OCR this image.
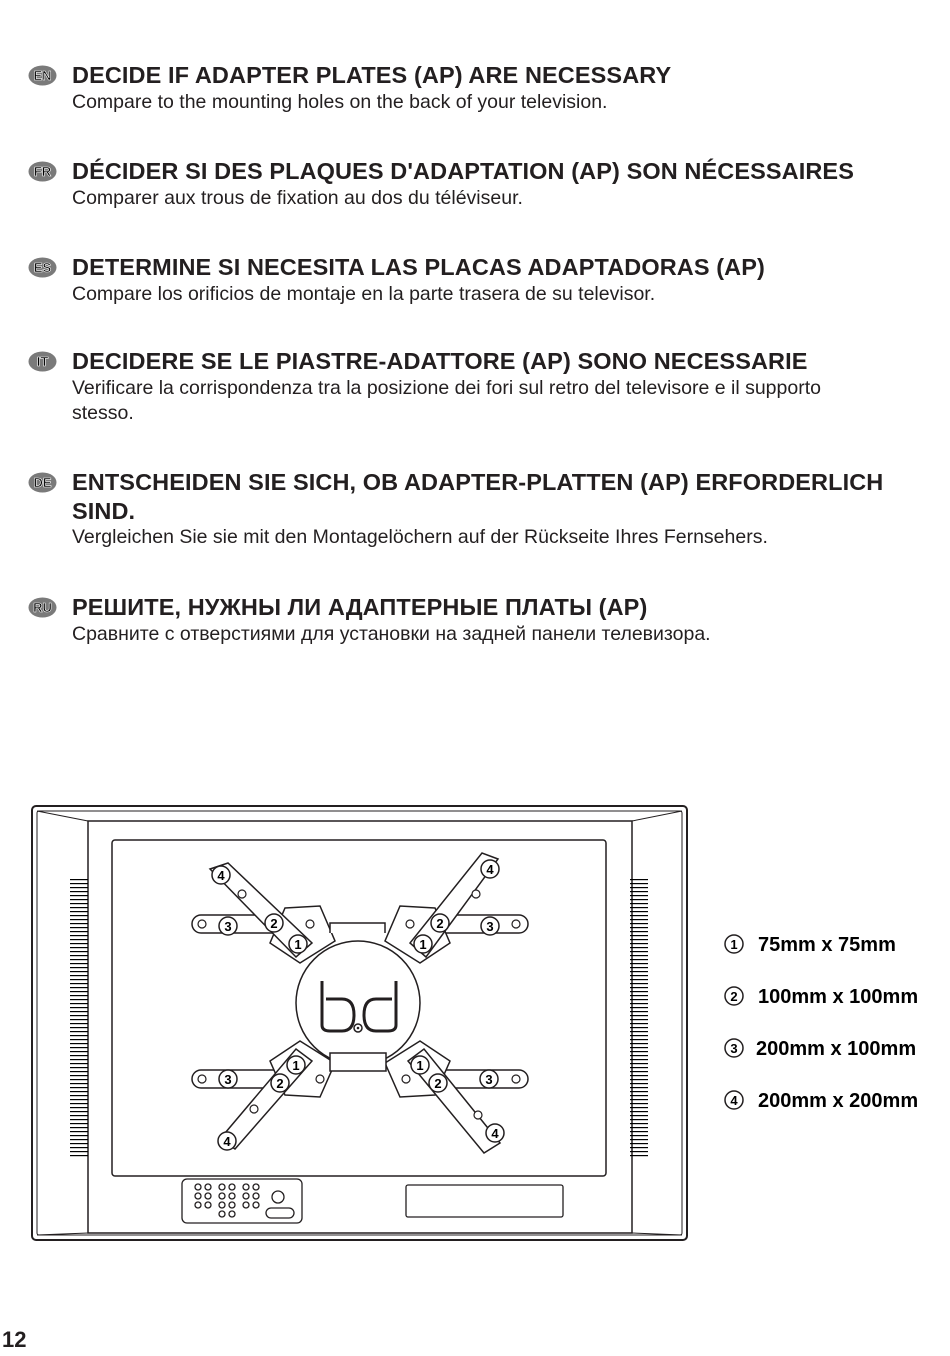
EN DECIDE IF ADAPTER PLATES (AP) ARE NECESSARY
Compare to the mounting holes on the back of your television.
FR DÉCIDER SI DES PLAQUES D'ADAPTATION (AP) SON NÉCESSAIRES
Comparer aux trous de fixation au dos du téléviseur.
ES DETERMINE SI NECESITA LAS PLACAS ADAPTADORAS (AP)
Compare los orificios de montaje en la parte trasera de su televisor.
IT DECIDERE SE LE PIASTRE-ADATTORE (AP) SONO NECESSARIE
Verificare la corrispondenza tra la posizione dei fori sul retro del televisore e il supporto stesso.
DE ENTSCHEIDEN SIE SICH, OB ADAPTER-PLATTEN (AP) ERFORDERLICH SIND.
Vergleichen Sie sie mit den Montagelöchern auf der Rückseite Ihres Fernsehers.
RU РЕШИТЕ, НУЖНЫ ЛИ АДАПТЕРНЫЕ ПЛАТЫ (AP)
Сравните с отверстиями для установки на задней панели телевизора.
bd
4
3	2
1
4
2	3
1
1
3	2
4
1
2	3
4
1 75mm x 75mm
2 100mm x 100mm
3 200mm x 100mm
4 200mm x 200mm
12
